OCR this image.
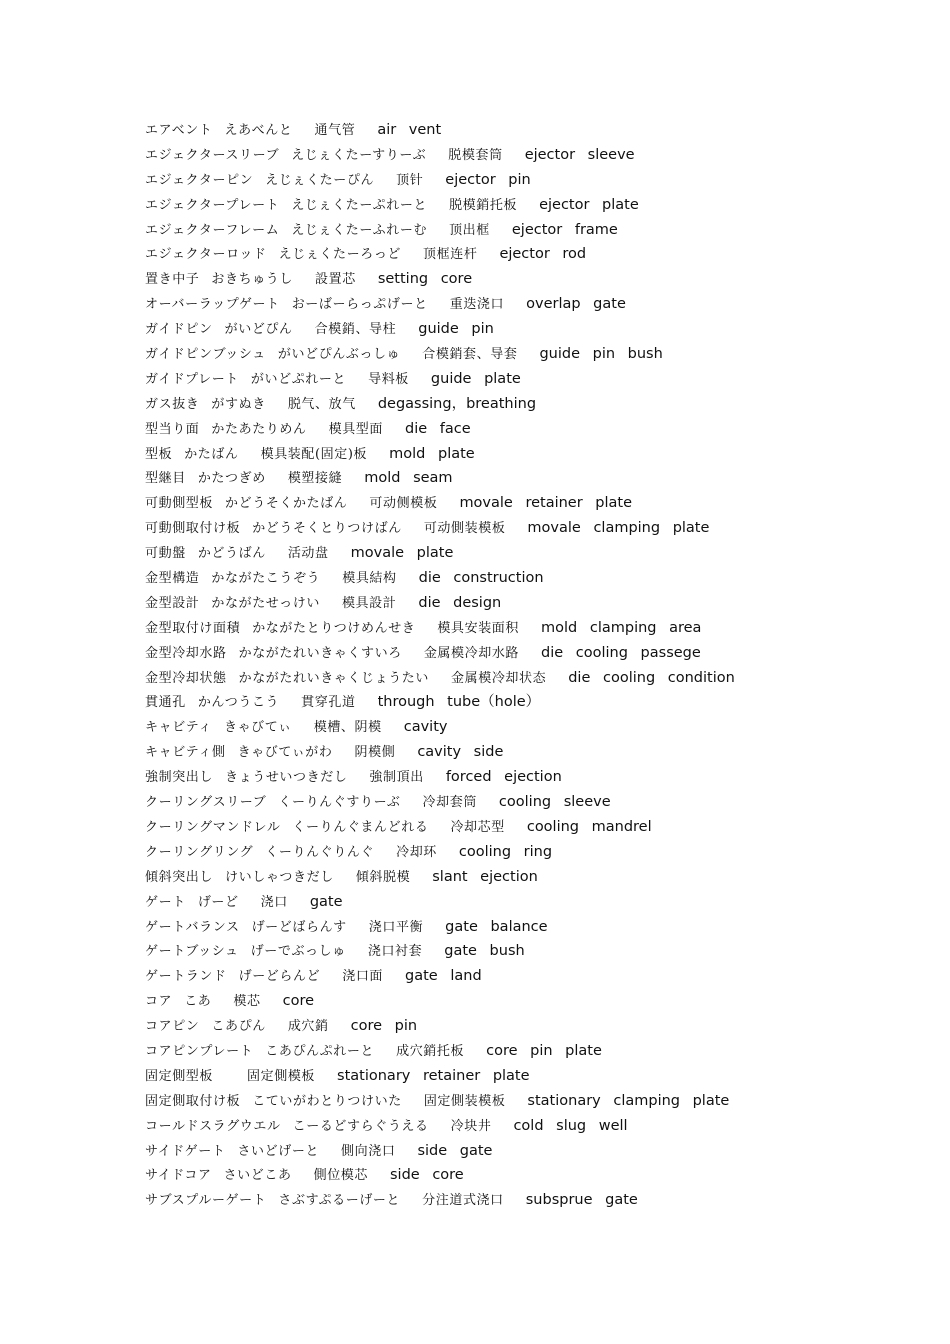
エアベント えあべんと 通气管 air vent
エジェクタースリーブ えじぇくたーすりーぶ 脱模套筒 ejector sleeve
エジェクターピン えじぇくたーぴん 顶针 ejector pin
エジェクタープレート えじぇくたーぷれーと 脱模銷托板 ejector plate
エジェクターフレーム えじぇくたーふれーむ 顶出框 ejector frame
エジェクターロッド えじぇくたーろっど 顶框连杆 ejector rod
置き中子 おきちゅうし 設置芯 setting core
オーバーラップゲート おーばーらっぷげーと 重迭浇口 overlap gate
ガイドピン がいどぴん 合模銷、导柱 guide pin
ガイドピンブッシュ がいどぴんぶっしゅ 合模銷套、导套 guide pin bush
ガイドプレート がいどぷれーと 导料板 guide plate
ガス抜き がすぬき 脱气、放气 degassing，breathing
型当り面 かたあたりめん 模具型面 die face
型板 かたばん 模具装配(固定)板 mold plate
型継目 かたつぎめ 模塑接縫 mold seam
可動側型板 かどうそくかたばん 可动侧模板 movale retainer plate
可動側取付け板 かどうそくとりつけばん 可动側装模板 movale clamping plate
可動盤 かどうばん 活动盘 movale plate
金型構造 かながたこうぞう 模具結构 die construction
金型設計 かながたせっけい 模具設計 die design
金型取付け面積 かながたとりつけめんせき 模具安装面积 mold clamping area
金型冷却水路 かながたれいきゃくすいろ 金属模冷却水路 die cooling passege
金型冷却状態 かながたれいきゃくじょうたい 金属模冷却状态 die cooling condition
貫通孔 かんつうこう 貫穿孔道 through tube（hole）
キャビティ きゃびてぃ 模槽、阴模 cavity
キャビティ側 きゃびてぃがわ 阴模側 cavity side
強制突出し きょうせいつきだし 強制頂出 forced ejection
クーリングスリーブ くーりんぐすりーぶ 冷却套筒 cooling sleeve
クーリングマンドレル くーりんぐまんどれる 冷却芯型 cooling mandrel
クーリングリング くーりんぐりんぐ 冷却环 cooling ring
傾斜突出し けいしゃつきだし 傾斜脱模 slant ejection
ゲート げーど 浇口 gate
ゲートバランス げーどばらんす 浇口平衡 gate balance
ゲートブッシュ げーでぶっしゅ 浇口衬套 gate bush
ゲートランド げーどらんど 浇口面 gate land
コア こあ 模芯 core
コアピン こあぴん 成穴銷 core pin
コアピンプレート こあぴんぷれーと 成穴銷托板 core pin plate
固定側型板	固定側模板 stationary retainer plate
固定側取付け板 こていがわとりつけいた 固定側装模板 stationary clamping plate
コールドスラグウエル こーるどすらぐうえる 冷块井 cold slug well
サイドゲート さいどげーと 側向浇口 side gate
サイドコア さいどこあ 側位模芯 side core
サブスプルーゲート さぶすぷるーげーと 分注道式浇口 subsprue gate
